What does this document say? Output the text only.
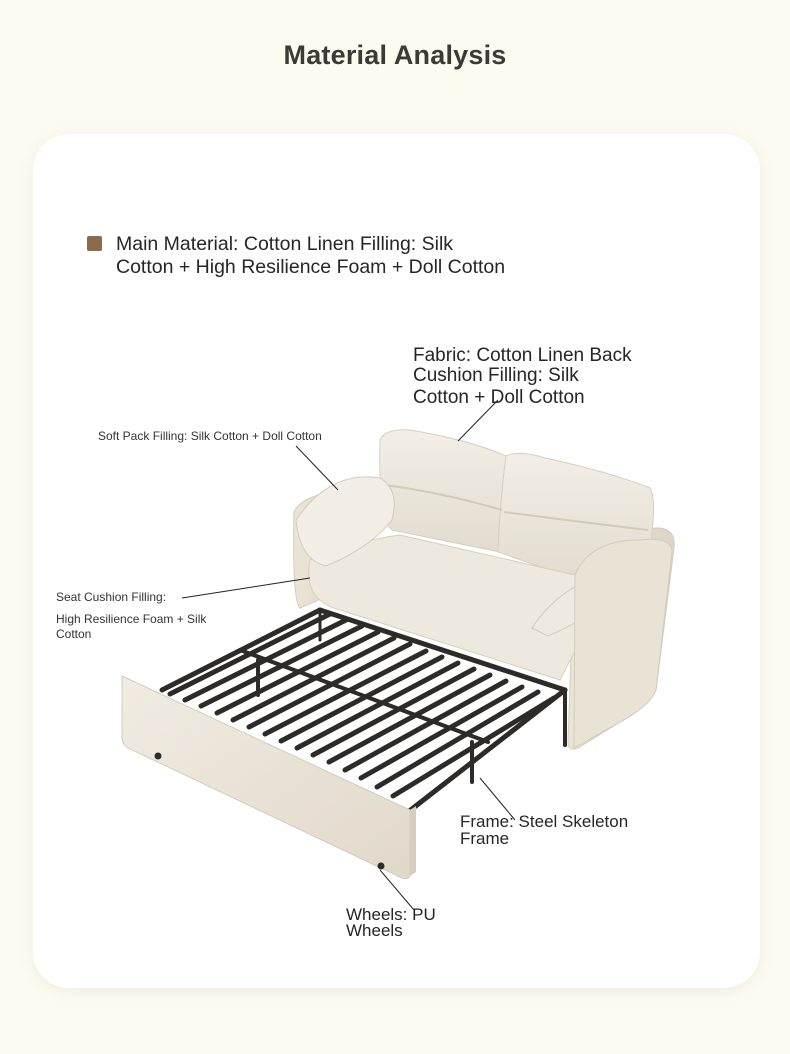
Material Analysis
Main Material: Cotton Linen Filling: Silk
Cotton + High Resilience Foam + Doll Cotton
Fabric: Cotton Linen Back
Cushion Filling: Silk
Cotton + Doll Cotton
Soft Pack Filling: Silk Cotton + Doll Cotton
Seat Cushion Filling:
High Resilience Foam + Silk
Cotton
Frame: Steel Skeleton
Frame
Wheels: PU
Wheels
